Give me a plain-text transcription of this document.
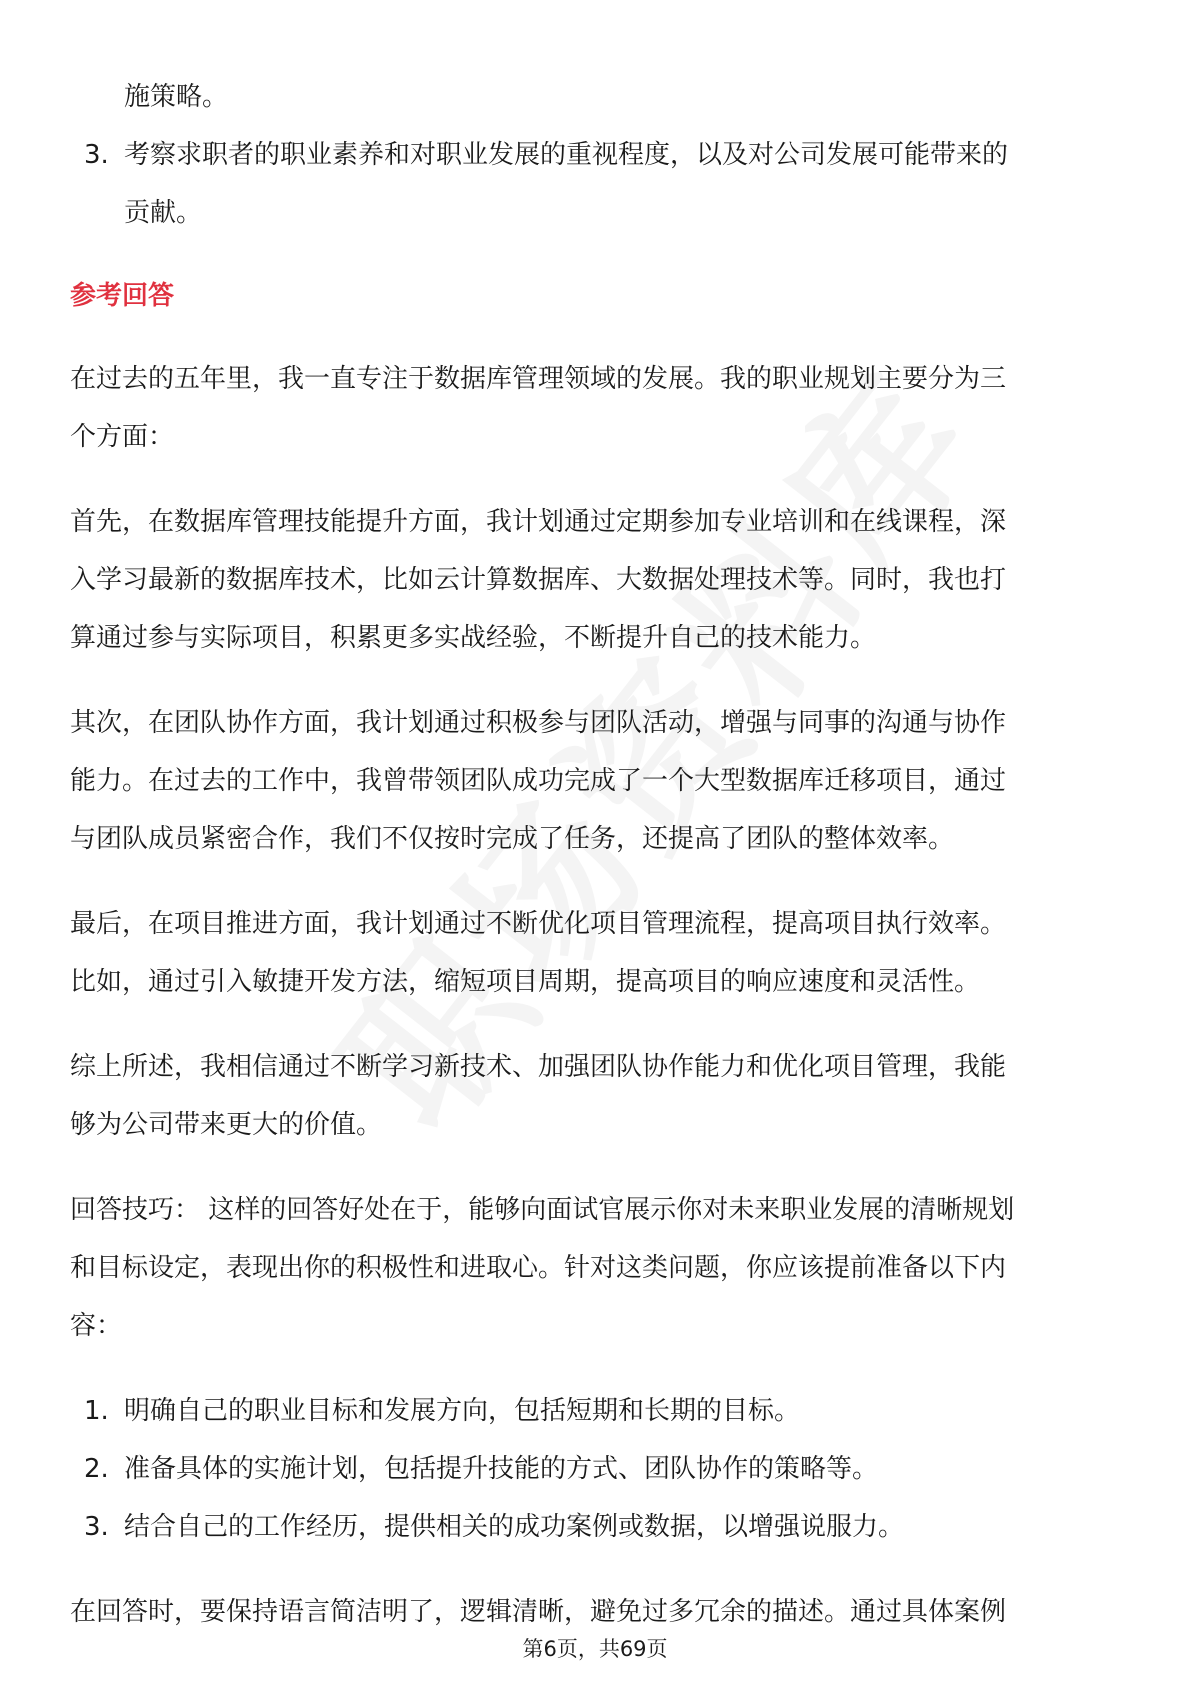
施策略。
3. 考察求职者的职业素养和对职业发展的重视程度，以及对公司发展可能带来的
贡献。
参考回答
在过去的五年里，我一直专注于数据库管理领域的发展。我的职业规划主要分为三
个方面：
首先，在数据库管理技能提升方面，我计划通过定期参加专业培训和在线课程，深
入学习最新的数据库技术，比如云计算数据库、大数据处理技术等。同时，我也打
算通过参与实际项目，积累更多实战经验，不断提升自己的技术能力。
其次，在团队协作方面，我计划通过积极参与团队活动，增强与同事的沟通与协作
能力。在过去的工作中，我曾带领团队成功完成了一个大型数据库迁移项目，通过
与团队成员紧密合作，我们不仅按时完成了任务，还提高了团队的整体效率。
最后，在项目推进方面，我计划通过不断优化项目管理流程，提高项目执行效率。
比如，通过引入敏捷开发方法，缩短项目周期，提高项目的响应速度和灵活性。
综上所述，我相信通过不断学习新技术、加强团队协作能力和优化项目管理，我能
够为公司带来更大的价值。
回答技巧： 这样的回答好处在于，能够向面试官展示你对未来职业发展的清晰规划
和目标设定，表现出你的积极性和进取心。针对这类问题，你应该提前准备以下内
容：
1. 明确自己的职业目标和发展方向，包括短期和长期的目标。
2. 准备具体的实施计划，包括提升技能的方式、团队协作的策略等。
3. 结合自己的工作经历，提供相关的成功案例或数据，以增强说服力。
在回答时，要保持语言简洁明了，逻辑清晰，避免过多冗余的描述。通过具体案例
第6页，共69页
